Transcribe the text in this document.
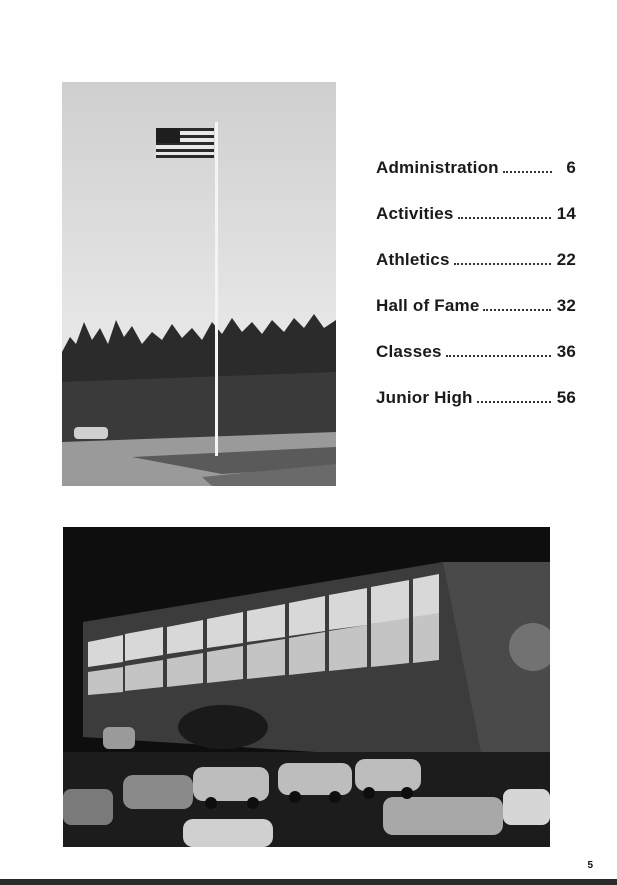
Administration	6
Activities	14
Athletics	22
Hall of Fame	32
Classes	36
Junior High	56
5
